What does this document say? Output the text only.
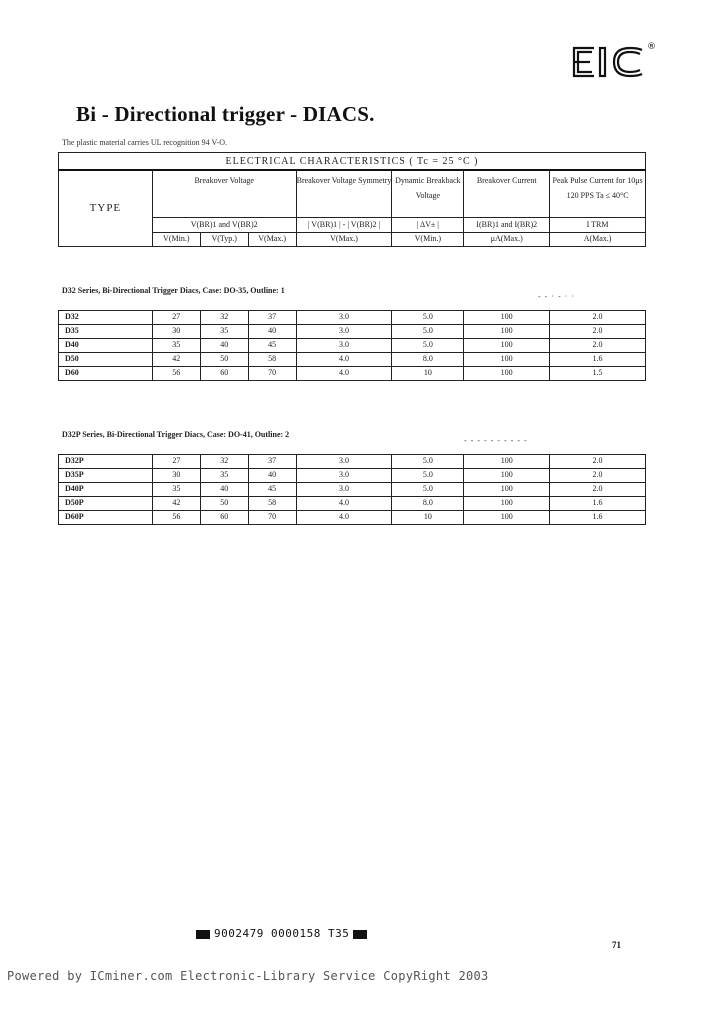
®
Bi - Directional trigger - DIACS.
The plastic material carries UL recognition 94 V-O.
ELECTRICAL CHARACTERISTICS ( Tc = 25 °C )							
TYPE	Breakover Voltage			Breakover Voltage Symmetry	Dynamic Breakback Voltage	Breakover Current	Peak Pulse Current for 10μs 120 PPS Ta ≤ 40°C
	V(BR)1 and V(BR)2			| V(BR)1 | - | V(BR)2 |	| ΔV± |	I(BR)1 and I(BR)2	I TRM
	V(Min.)	V(Typ.)	V(Max.)	V(Max.)	V(Min.)	μA(Max.)	A(Max.)
D32 Series, Bi-Directional Trigger Diacs, Case: DO-35, Outline: 1
- - · - · ·
D32	27	32	37	3.0	5.0	100	2.0
D35	30	35	40	3.0	5.0	100	2.0
D40	35	40	45	3.0	5.0	100	2.0
D50	42	50	58	4.0	8.0	100	1.6
D60	56	60	70	4.0	10	100	1.5
D32P Series, Bi-Directional Trigger Diacs, Case: DO-41, Outline: 2
- - - - - - - - - -
D32P	27	32	37	3.0	5.0	100	2.0
D35P	30	35	40	3.0	5.0	100	2.0
D40P	35	40	45	3.0	5.0	100	2.0
D50P	42	50	58	4.0	8.0	100	1.6
D60P	56	60	70	4.0	10	100	1.6
9002479 0000158 T35
71
Powered by ICminer.com Electronic-Library Service CopyRight 2003
